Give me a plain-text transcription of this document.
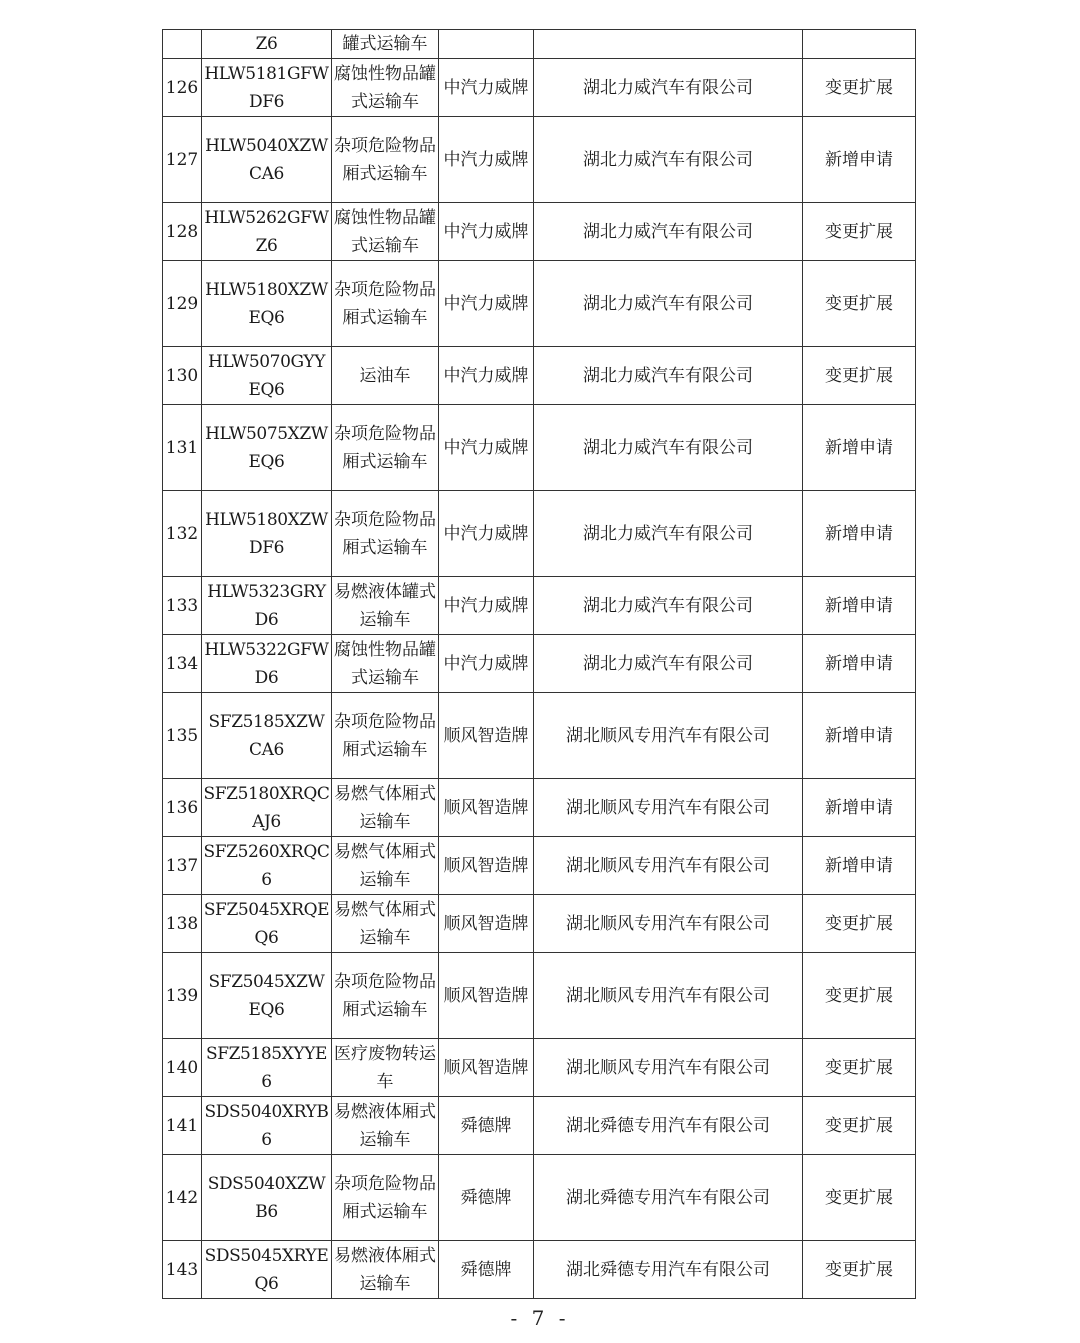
	Z6	罐式运输车			
126	HLW5181GFWDF6	腐蚀性物品罐式运输车	中汽力威牌	湖北力威汽车有限公司	变更扩展
127	HLW5040XZWCA6	杂项危险物品厢式运输车	中汽力威牌	湖北力威汽车有限公司	新增申请
128	HLW5262GFWZ6	腐蚀性物品罐式运输车	中汽力威牌	湖北力威汽车有限公司	变更扩展
129	HLW5180XZWEQ6	杂项危险物品厢式运输车	中汽力威牌	湖北力威汽车有限公司	变更扩展
130	HLW5070GYYEQ6	运油车	中汽力威牌	湖北力威汽车有限公司	变更扩展
131	HLW5075XZWEQ6	杂项危险物品厢式运输车	中汽力威牌	湖北力威汽车有限公司	新增申请
132	HLW5180XZWDF6	杂项危险物品厢式运输车	中汽力威牌	湖北力威汽车有限公司	新增申请
133	HLW5323GRYD6	易燃液体罐式运输车	中汽力威牌	湖北力威汽车有限公司	新增申请
134	HLW5322GFWD6	腐蚀性物品罐式运输车	中汽力威牌	湖北力威汽车有限公司	新增申请
135	SFZ5185XZWCA6	杂项危险物品厢式运输车	顺风智造牌	湖北顺风专用汽车有限公司	新增申请
136	SFZ5180XRQCAJ6	易燃气体厢式运输车	顺风智造牌	湖北顺风专用汽车有限公司	新增申请
137	SFZ5260XRQC6	易燃气体厢式运输车	顺风智造牌	湖北顺风专用汽车有限公司	新增申请
138	SFZ5045XRQEQ6	易燃气体厢式运输车	顺风智造牌	湖北顺风专用汽车有限公司	变更扩展
139	SFZ5045XZWEQ6	杂项危险物品厢式运输车	顺风智造牌	湖北顺风专用汽车有限公司	变更扩展
140	SFZ5185XYYE6	医疗废物转运车	顺风智造牌	湖北顺风专用汽车有限公司	变更扩展
141	SDS5040XRYB6	易燃液体厢式运输车	舜德牌	湖北舜德专用汽车有限公司	变更扩展
142	SDS5040XZWB6	杂项危险物品厢式运输车	舜德牌	湖北舜德专用汽车有限公司	变更扩展
143	SDS5045XRYEQ6	易燃液体厢式运输车	舜德牌	湖北舜德专用汽车有限公司	变更扩展
- 7 -
